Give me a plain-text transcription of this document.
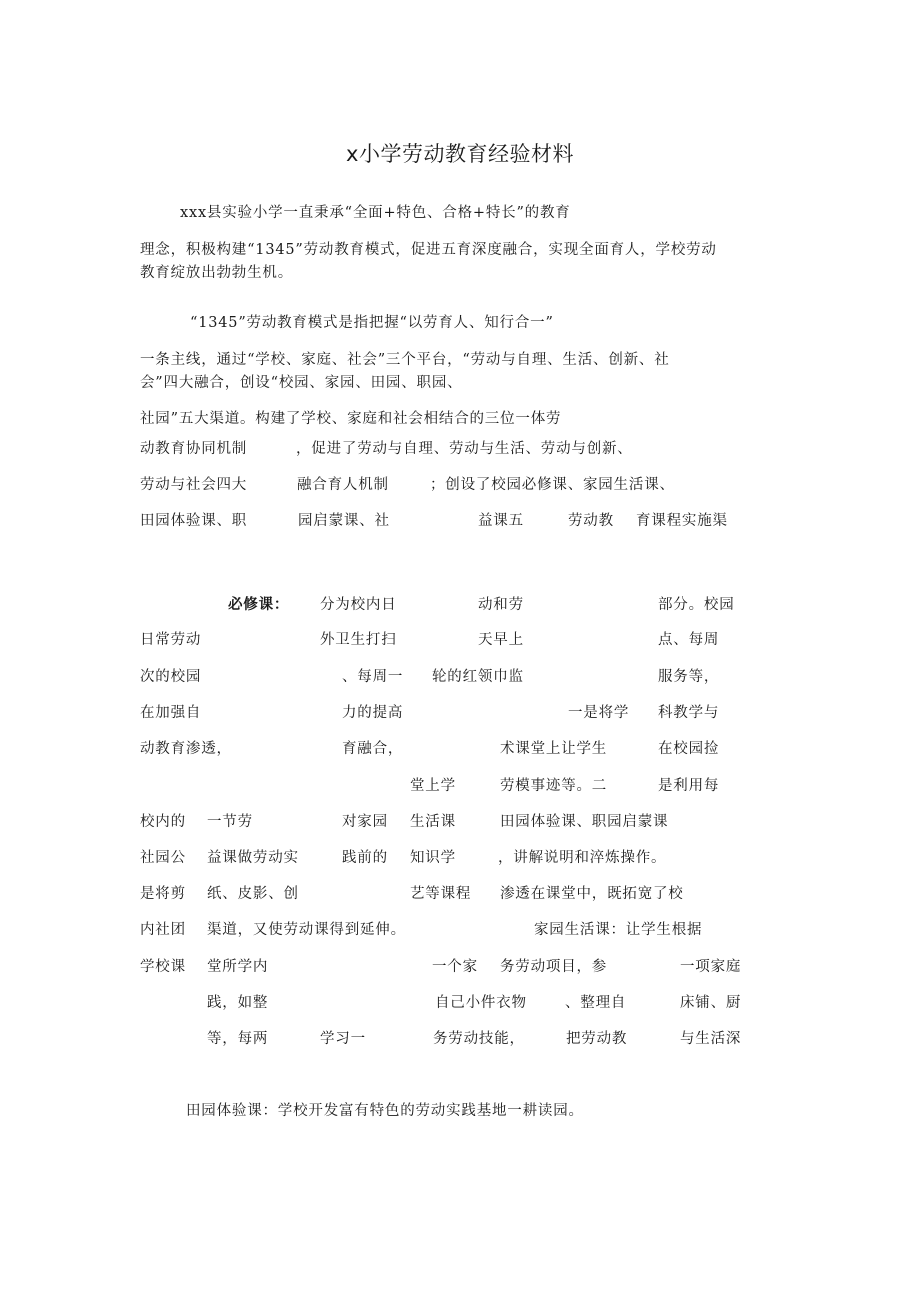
x小学劳动教育经验材料
xxx县实验小学一直秉承“全面+特色、合格+特长”的教育
理念，积极构建“1345”劳动教育模式，促进五育深度融合，实现全面育人，学校劳动
教育绽放出勃勃生机。
“1345”劳动教育模式是指把握“以劳育人、知行合一”
一条主线，通过“学校、家庭、社会”三个平台，“劳动与自理、生活、创新、社
会”四大融合，创设“校园、家园、田园、职园、
社园”五大渠道。构建了学校、家庭和社会相结合的三位一体劳
动教育协同机制	，促进了劳动与自理、劳动与生活、劳动与创新、
劳动与社会四大	融合育人机制	；创设了校园必修课、家园生活课、
田园体验课、职	园启蒙课、社	益课五	劳动教 育课程实施渠
必修课： 分为校内日	动和劳	部分。校园
日常劳动	外卫生打扫	天早上	点、每周
次的校园	、每周一 轮的红领巾监	服务等，
在加强自	力的提高	一是将学 科教学与
动教育渗透，	育融合，	术课堂上让学生	在校园捡
堂上学	劳模事迹等。二	是利用每
校内的 一节劳	对家园 生活课	田园体验课、职园启蒙课
社园公 益课做劳动实	践前的 知识学	，讲解说明和淬炼操作。
是将剪 纸、皮影、创	艺等课程 渗透在课堂中，既拓宽了校
内社团 渠道，又使劳动课得到延伸。	家园生活课：让学生根据
学校课 堂所学内	一个家 务劳动项目，参	一项家庭
践，如整	自己小件衣物	、整理自	床铺、厨
等，每两	学习一	务劳动技能，	把劳动教	与生活深
田园体验课：学校开发富有特色的劳动实践基地一耕读园。
